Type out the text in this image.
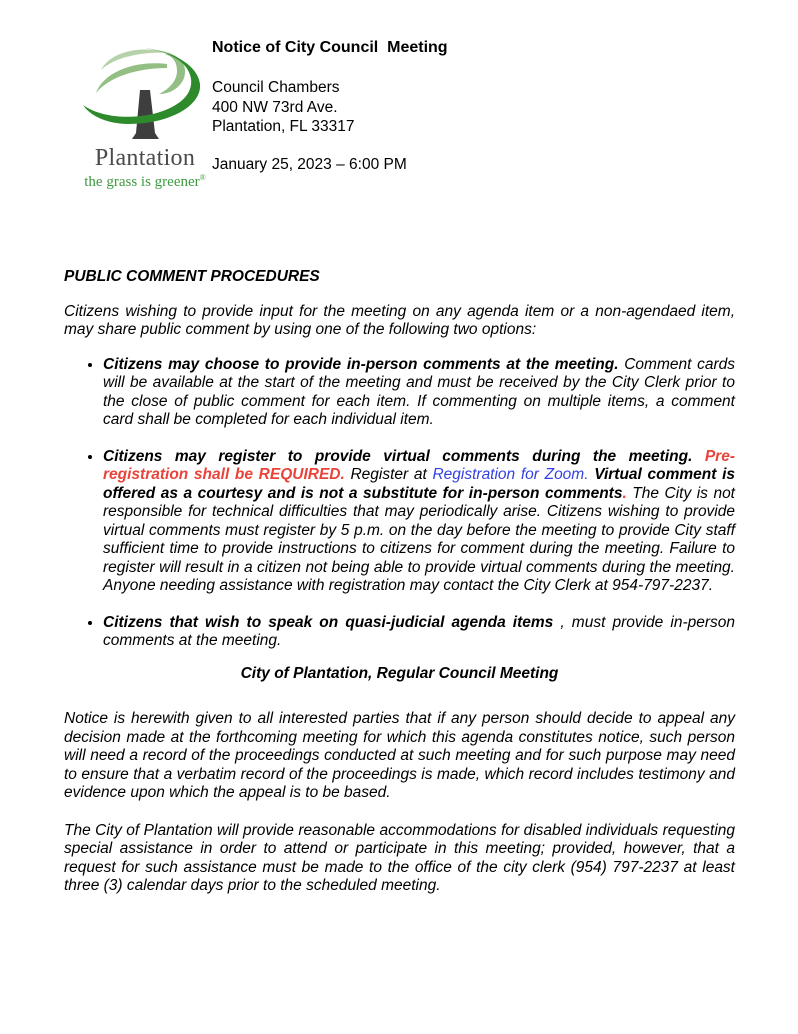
Plantation
the grass is greener®
Notice of City Council  Meeting
Council Chambers
400 NW 73rd Ave.
Plantation, FL 33317
January 25, 2023 – 6:00 PM
PUBLIC COMMENT PROCEDURES

Citizens wishing to provide input for the meeting on any agenda item or a non-agendaed item, may share public comment by using one of the following two options:

• Citizens may choose to provide in-person comments at the meeting. Comment cards will be available at the start of the meeting and must be received by the City Clerk prior to the close of public comment for each item. If commenting on multiple items, a comment card shall be completed for each individual item.
• Citizens may register to provide virtual comments during the meeting. Pre-registration shall be REQUIRED. Register at Registration for Zoom. Virtual comment is offered as a courtesy and is not a substitute for in-person comments. The City is not responsible for technical difficulties that may periodically arise. Citizens wishing to provide virtual comments must register by 5 p.m. on the day before the meeting to provide City staff sufficient time to provide instructions to citizens for comment during the meeting. Failure to register will result in a citizen not being able to provide virtual comments during the meeting. Anyone needing assistance with registration may contact the City Clerk at 954-797-2237.
• Citizens that wish to speak on quasi-judicial agenda items , must provide in-person comments at the meeting.
City of Plantation, Regular Council Meeting

Notice is herewith given to all interested parties that if any person should decide to appeal any decision made at the forthcoming meeting for which this agenda constitutes notice, such person will need a record of the proceedings conducted at such meeting and for such purpose may need to ensure that a verbatim record of the proceedings is made, which record includes testimony and evidence upon which the appeal is to be based.

The City of Plantation will provide reasonable accommodations for disabled individuals requesting special assistance in order to attend or participate in this meeting; provided, however, that a request for such assistance must be made to the office of the city clerk (954) 797-2237 at least three (3) calendar days prior to the scheduled meeting.
